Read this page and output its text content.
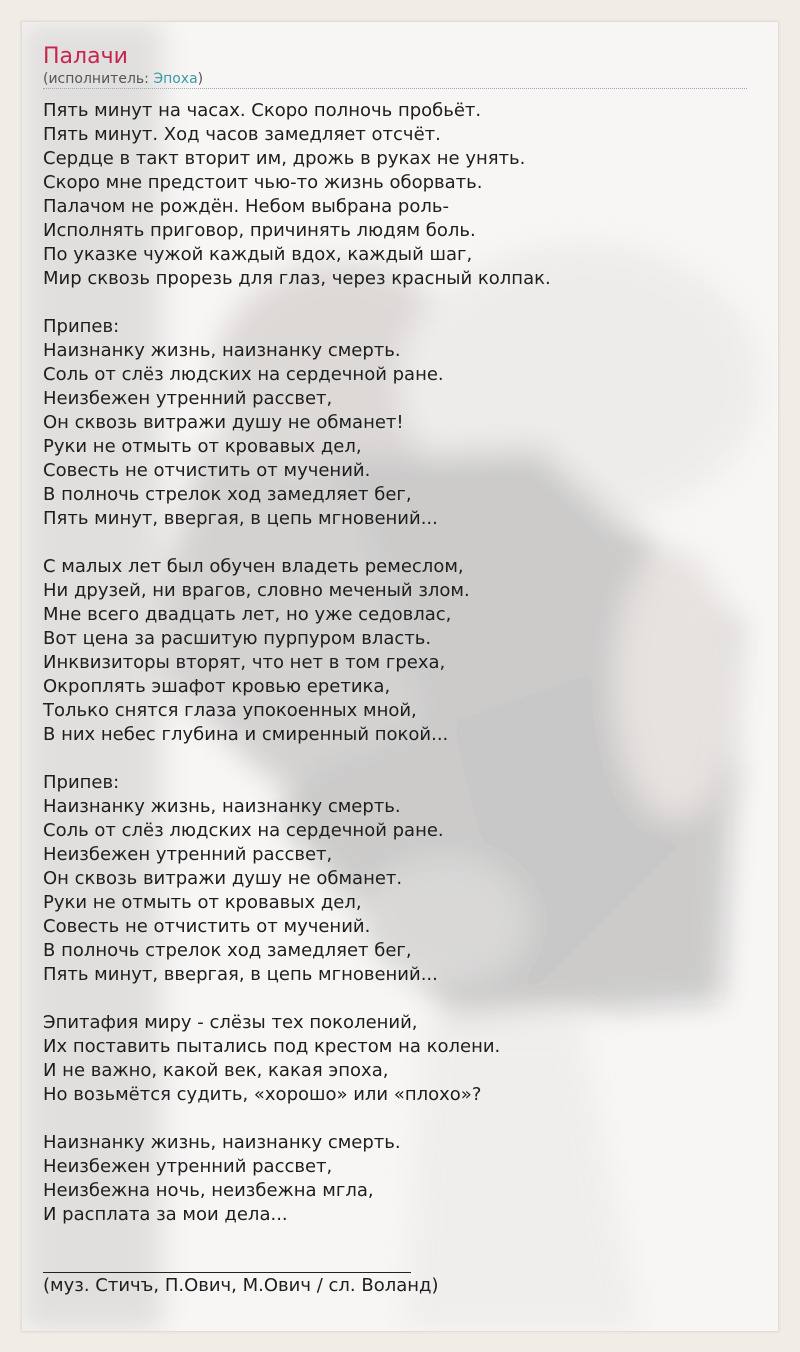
Палачи
(исполнитель: Эпоха)
Пять минут на часах. Скоро полночь пробьёт.
Пять минут. Ход часов замедляет отсчёт.
Сердце в такт вторит им, дрожь в руках не унять.
Скоро мне предстоит чью-то жизнь оборвать.
Палачом не рождён. Небом выбрана роль-
Исполнять приговор, причинять людям боль.
По указке чужой каждый вдох, каждый шаг,
Мир сквозь прорезь для глаз, через красный колпак.
Припев:
Наизнанку жизнь, наизнанку смерть.
Соль от слёз людских на сердечной ране.
Неизбежен утренний рассвет,
Он сквозь витражи душу не обманет!
Руки не отмыть от кровавых дел,
Совесть не отчистить от мучений.
В полночь стрелок ход замедляет бег,
Пять минут, ввергая, в цепь мгновений...
С малых лет был обучен владеть ремеслом,
Ни друзей, ни врагов, словно меченый злом.
Мне всего двадцать лет, но уже седовлас,
Вот цена за расшитую пурпуром власть.
Инквизиторы вторят, что нет в том греха,
Окроплять эшафот кровью еретика,
Только снятся глаза упокоенных мной,
В них небес глубина и смиренный покой...
Припев:
Наизнанку жизнь, наизнанку смерть.
Соль от слёз людских на сердечной ране.
Неизбежен утренний рассвет,
Он сквозь витражи душу не обманет.
Руки не отмыть от кровавых дел,
Совесть не отчистить от мучений.
В полночь стрелок ход замедляет бег,
Пять минут, ввергая, в цепь мгновений...
Эпитафия миру - слёзы тех поколений,
Их поставить пытались под крестом на колени.
И не важно, какой век, какая эпоха,
Но возьмётся судить, «хорошо» или «плохо»?
Наизнанку жизнь, наизнанку смерть.
Неизбежен утренний рассвет,
Неизбежна ночь, неизбежна мгла,
И расплата за мои дела...
(муз. Стичъ, П.Ович, М.Ович / сл. Воланд)
